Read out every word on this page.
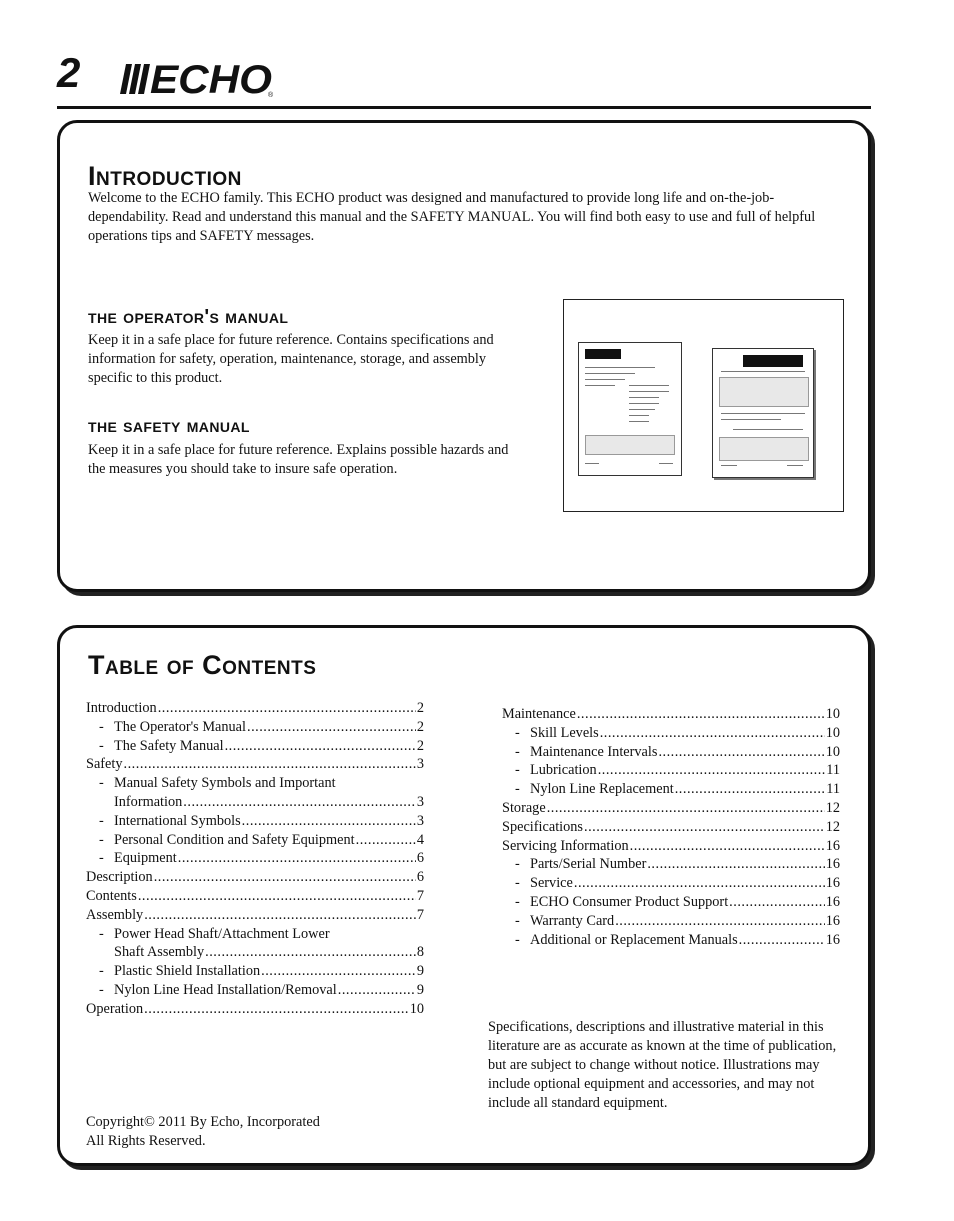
2 ECHO
®
Introduction
Welcome to the ECHO family. This ECHO product was designed and manufactured to provide long life and on-the-job-dependability. Read and understand this manual and the SAFETY MANUAL. You will find both easy to use and full of helpful operations tips and SAFETY messages.
the operator's manual
Keep it in a safe place for future reference. Contains specifications and information for safety, operation, maintenance, storage, and assembly specific to this product.
the safety manual
Keep it in a safe place for future reference. Explains possible hazards and the measures you should take to insure safe operation.
Table of Contents
Introduction .....	2
- The Operator's Manual .....	2
- The Safety Manual .....	2
Safety .....	3
- Manual Safety Symbols and Important
Information .....	3
- International Symbols .....	3
- Personal Condition and Safety Equipment .....	4
- Equipment .....	6
Description .....	6
Contents .....	7
Assembly .....	7
- Power Head Shaft/Attachment Lower
Shaft Assembly .....	8
- Plastic Shield Installation .....	9
- Nylon Line Head Installation/Removal .....	9
Operation .....	10
Maintenance .....	10
- Skill Levels .....	10
- Maintenance Intervals .....	10
- Lubrication .....	11
- Nylon Line Replacement .....	11
Storage .....	12
Specifications .....	12
Servicing Information .....	16
- Parts/Serial Number .....	16
- Service .....	16
- ECHO Consumer Product Support .....	16
- Warranty Card .....	16
- Additional or Replacement Manuals .....	16
Specifications, descriptions and illustrative material in this literature are as accurate as known at the time of publication, but are subject to change without notice. Illustrations may include optional equipment and accessories, and may not include all standard equipment.
Copyright© 2011 By Echo, Incorporated
All Rights Reserved.
